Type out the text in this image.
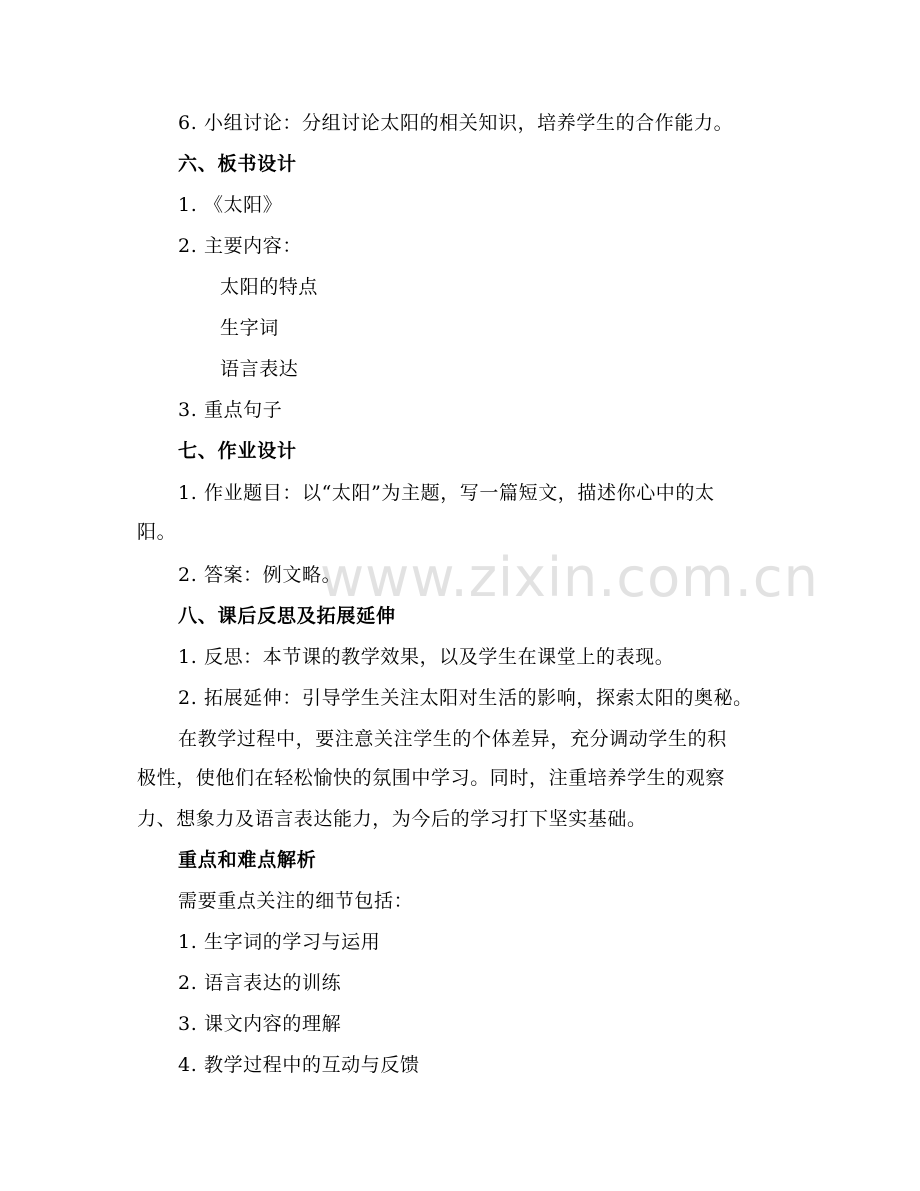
www.zixin.com.cn
6. 小组讨论：分组讨论太阳的相关知识，培养学生的合作能力。
六、板书设计
1. 《太阳》
2. 主要内容：
太阳的特点
生字词
语言表达
3. 重点句子
七、作业设计
1. 作业题目：以“太阳”为主题，写一篇短文，描述你心中的太
阳。
2. 答案：例文略。
八、课后反思及拓展延伸
1. 反思：本节课的教学效果，以及学生在课堂上的表现。
2. 拓展延伸：引导学生关注太阳对生活的影响，探索太阳的奥秘。
在教学过程中，要注意关注学生的个体差异，充分调动学生的积
极性，使他们在轻松愉快的氛围中学习。同时，注重培养学生的观察
力、想象力及语言表达能力，为今后的学习打下坚实基础。
重点和难点解析
需要重点关注的细节包括：
1. 生字词的学习与运用
2. 语言表达的训练
3. 课文内容的理解
4. 教学过程中的互动与反馈
